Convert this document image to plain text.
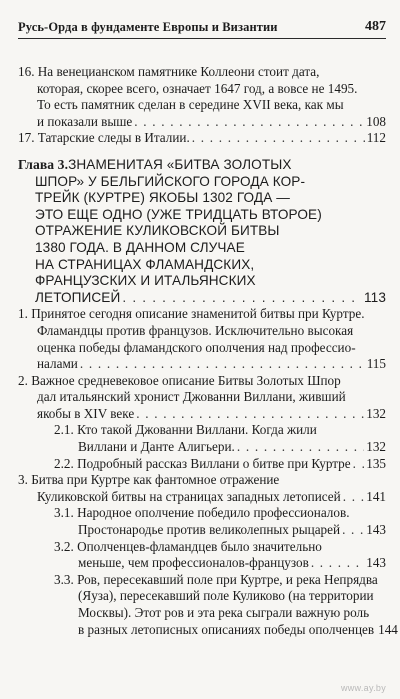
Русь-Орда в фундаменте Европы и Византии	487
16. На венецианском памятнике Коллеони стоит дата,
которая, скорее всего, означает 1647 год, а вовсе не 1495.
То есть памятник сделан в середине XVII века, как мы
и показали выше . . .	108
17. Татарские следы в Италии. . . .	112
Глава 3. ЗНАМЕНИТАЯ «БИТВА ЗОЛОТЫХ
ШПОР» У БЕЛЬГИЙСКОГО ГОРОДА КОР-
ТРЕЙК (КУРТРЕ) ЯКОБЫ 1302 ГОДА —
ЭТО ЕЩЕ ОДНО (УЖЕ ТРИДЦАТЬ ВТОРОЕ)
ОТРАЖЕНИЕ КУЛИКОВСКОЙ БИТВЫ
1380 ГОДА. В ДАННОМ СЛУЧАЕ
НА СТРАНИЦАХ ФЛАМАНДСКИХ,
ФРАНЦУЗСКИХ И ИТАЛЬЯНСКИХ
ЛЕТОПИСЕЙ . . .	113
1. Принятое сегодня описание знаменитой битвы при Куртре.
Фламандцы против французов. Исключительно высокая
оценка победы фламандского ополчения над профессио-
налами . . .	115
2. Важное средневековое описание Битвы Золотых Шпор
дал итальянский хронист Джованни Виллани, живший
якобы в XIV веке . . .	132
2.1. Кто такой Джованни Виллани. Когда жили
Виллани и Данте Алигьери. . . .	132
2.2. Подробный рассказ Виллани о битве при Куртре . . . 135
3. Битва при Куртре как фантомное отражение
Куликовской битвы на страницах западных летописей . . . 141
3.1. Народное ополчение победило профессионалов.
Простонародье против великолепных рыцарей . . . 143
3.2. Ополченцев-фламандцев было значительно
меньше, чем профессионалов-французов . . .	143
3.3. Ров, пересекавший поле при Куртре, и река Непрядва
(Яуза), пересекавший поле Куликово (на территории
Москвы). Этот ров и эта река сыграли важную роль
в разных летописных описаниях победы ополченцев 144
www.ay.by
